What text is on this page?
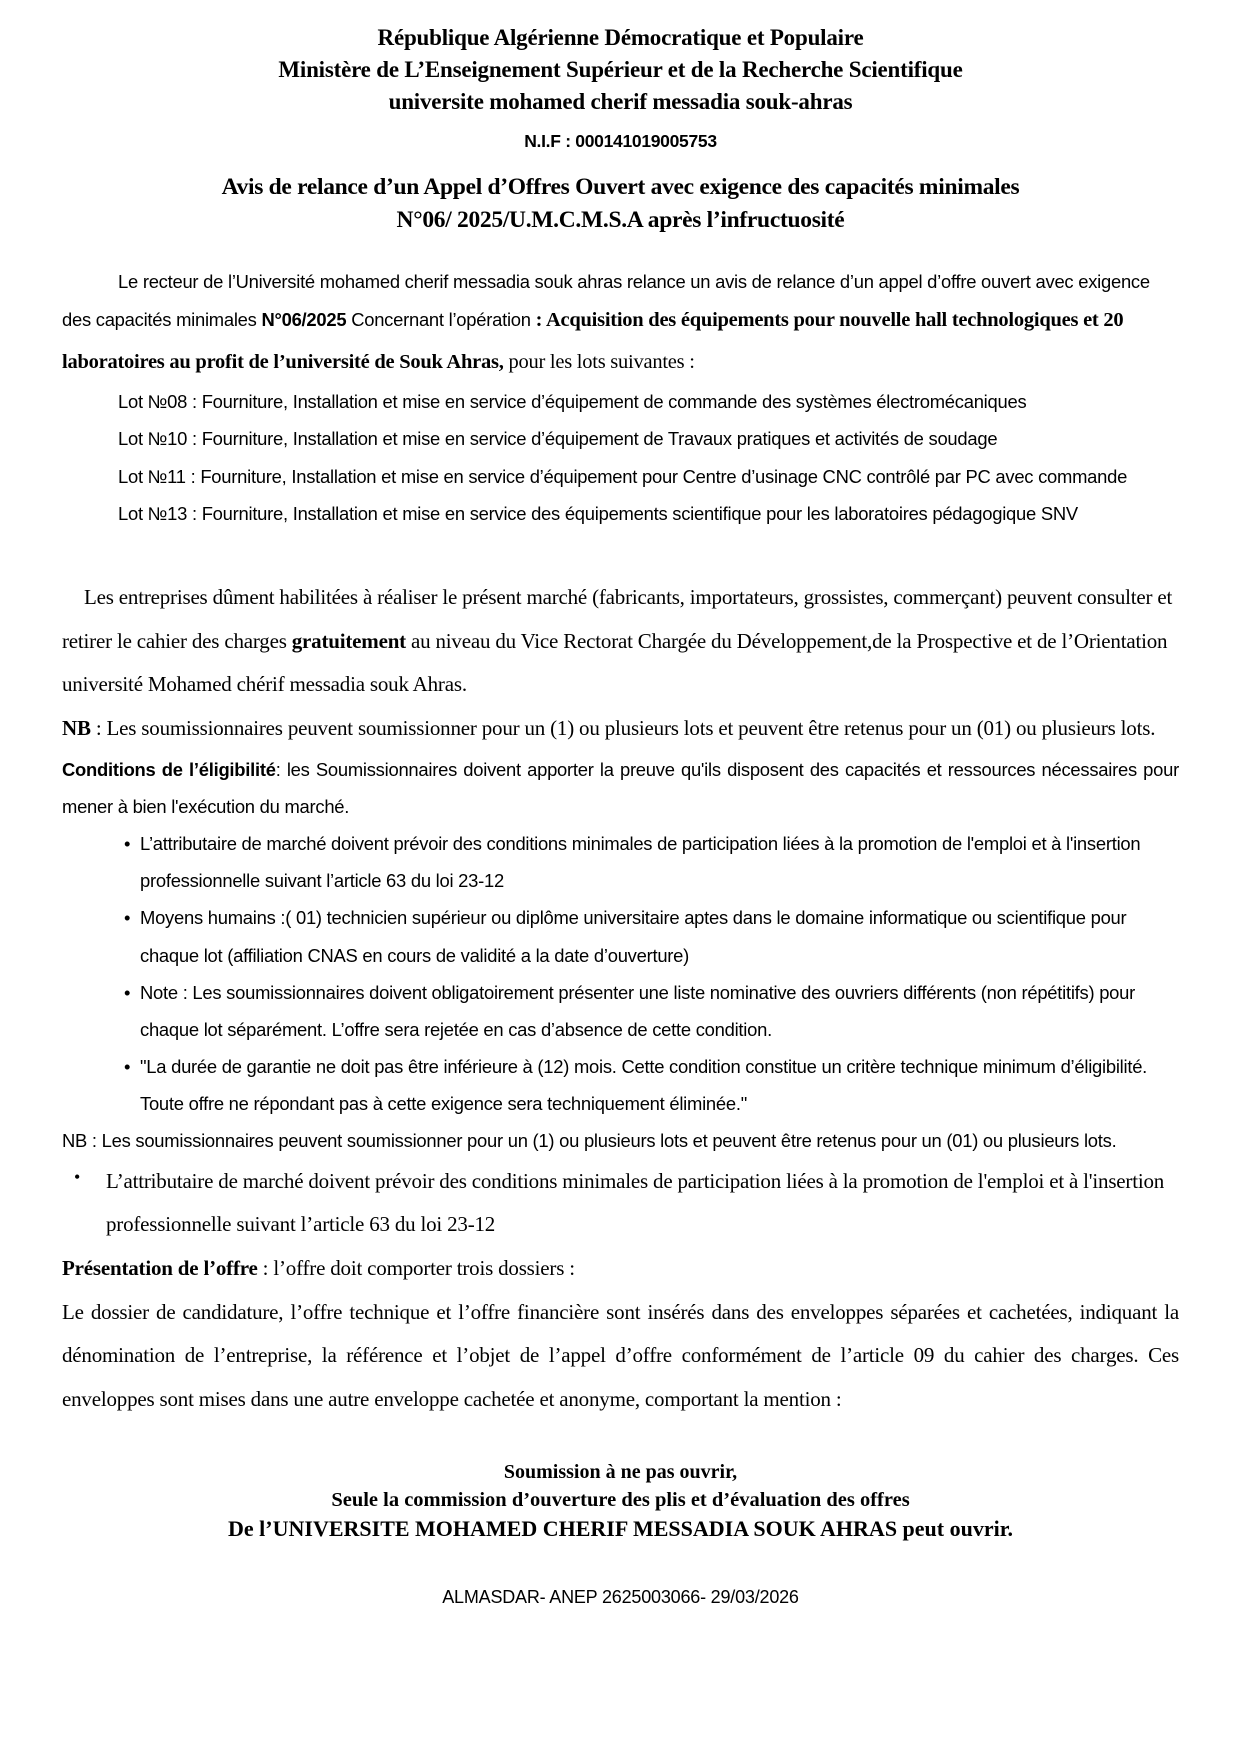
République Algérienne Démocratique et Populaire
Ministère de L’Enseignement Supérieur et de la Recherche Scientifique
universite mohamed cherif messadia souk-ahras
N.I.F : 000141019005753
Avis de relance d’un Appel d’Offres Ouvert avec exigence des capacités minimales
N°06/ 2025/U.M.C.M.S.A après l’infructuosité
Le recteur de l’Université mohamed cherif messadia souk ahras relance un avis de relance d’un appel d’offre ouvert avec exigence des capacités minimales N°06/2025 Concernant l’opération : Acquisition des équipements pour nouvelle hall technologiques et 20 laboratoires au profit de l’université de Souk Ahras, pour les lots suivantes :

Lot №08 : Fourniture, Installation et mise en service d’équipement de commande des systèmes électromécaniques

Lot №10 : Fourniture, Installation et mise en service d’équipement de Travaux pratiques et activités de soudage

Lot №11 : Fourniture, Installation et mise en service d’équipement pour Centre d’usinage CNC contrôlé par PC avec commande

Lot №13 : Fourniture, Installation et mise en service des équipements scientifique pour les laboratoires pédagogique SNV

Les entreprises dûment habilitées à réaliser le présent marché (fabricants, importateurs, grossistes, commerçant) peuvent consulter et retirer le cahier des charges gratuitement au niveau du Vice Rectorat Chargée du Développement,de la Prospective et de l’Orientation université Mohamed chérif messadia souk Ahras.

NB : Les soumissionnaires peuvent soumissionner pour un (1) ou plusieurs lots et peuvent être retenus pour un (01) ou plusieurs lots.

Conditions de l’éligibilité: les Soumissionnaires doivent apporter la preuve qu'ils disposent des capacités et ressources nécessaires pour mener à bien l'exécution du marché.

• L’attributaire de marché doivent prévoir des conditions minimales de participation liées à la promotion de l'emploi et à l'insertion professionnelle suivant l’article 63 du loi 23-12
• Moyens humains :( 01) technicien supérieur ou diplôme universitaire aptes dans le domaine informatique ou scientifique pour chaque lot (affiliation CNAS en cours de validité a la date d’ouverture)
• Note : Les soumissionnaires doivent obligatoirement présenter une liste nominative des ouvriers différents (non répétitifs) pour chaque lot séparément. L’offre sera rejetée en cas d’absence de cette condition.
• "La durée de garantie ne doit pas être inférieure à (12) mois. Cette condition constitue un critère technique minimum d’éligibilité. Toute offre ne répondant pas à cette exigence sera techniquement éliminée."

NB : Les soumissionnaires peuvent soumissionner pour un (1) ou plusieurs lots et peuvent être retenus pour un (01) ou plusieurs lots.

• L’attributaire de marché doivent prévoir des conditions minimales de participation liées à la promotion de l'emploi et à l'insertion professionnelle suivant l’article 63 du loi 23-12

Présentation de l’offre : l’offre doit comporter trois dossiers :

Le dossier de candidature, l’offre technique et l’offre financière sont insérés dans des enveloppes séparées et cachetées, indiquant la dénomination de l’entreprise, la référence et l’objet de l’appel d’offre conformément de l’article 09 du cahier des charges. Ces enveloppes sont mises dans une autre enveloppe cachetée et anonyme, comportant la mention :

Soumission à ne pas ouvrir,
Seule la commission d’ouverture des plis et d’évaluation des offres
De l’UNIVERSITE MOHAMED CHERIF MESSADIA SOUK AHRAS peut ouvrir.
ALMASDAR- ANEP 2625003066- 29/03/2026
